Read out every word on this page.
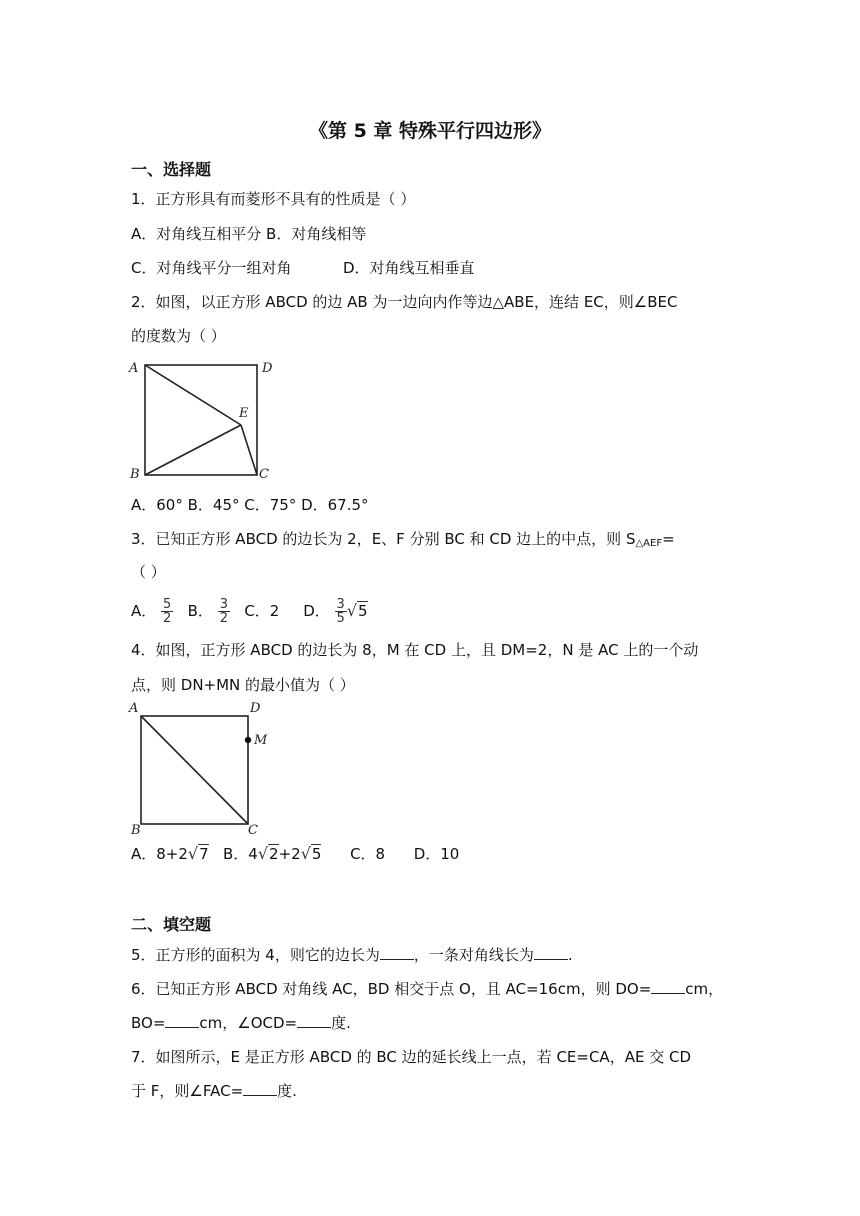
《第 5 章 特殊平行四边形》
一、选择题
1．正方形具有而菱形不具有的性质是（ ）
A．对角线互相平分 B．对角线相等
C．对角线平分一组对角	D．对角线互相垂直
2．如图，以正方形 ABCD 的边 AB 为一边向内作等边△ABE，连结 EC，则∠BEC
的度数为（ ）
A	D
E
B	C
A．60° B．45° C．75° D．67.5°
3．已知正方形 ABCD 的边长为 2，E、F 分别 BC 和 CD 边上的中点，则 $S_{\triangle AEF}=$
（ ）
A． $\frac{5}{2}$ B． $\frac{3}{2}$ C．2 D． $\frac{3}{5} √5$
4．如图，正方形 ABCD 的边长为 8，M 在 CD 上，且 DM=2，N 是 AC 上的一个动
点，则 DN+MN 的最小值为（ ）
A	D
M
B	C
A．8+2√7 B．4√2+2√5 C．8 D．10
二、填空题
5．正方形的面积为 4，则它的边长为 ，一条对角线长为 .
6．已知正方形 ABCD 对角线 AC，BD 相交于点 O，且 AC=16cm，则 DO= cm，
BO= cm，∠OCD= 度.
7．如图所示，E 是正方形 ABCD 的 BC 边的延长线上一点，若 CE=CA，AE 交 CD
于 F，则∠FAC= 度.
